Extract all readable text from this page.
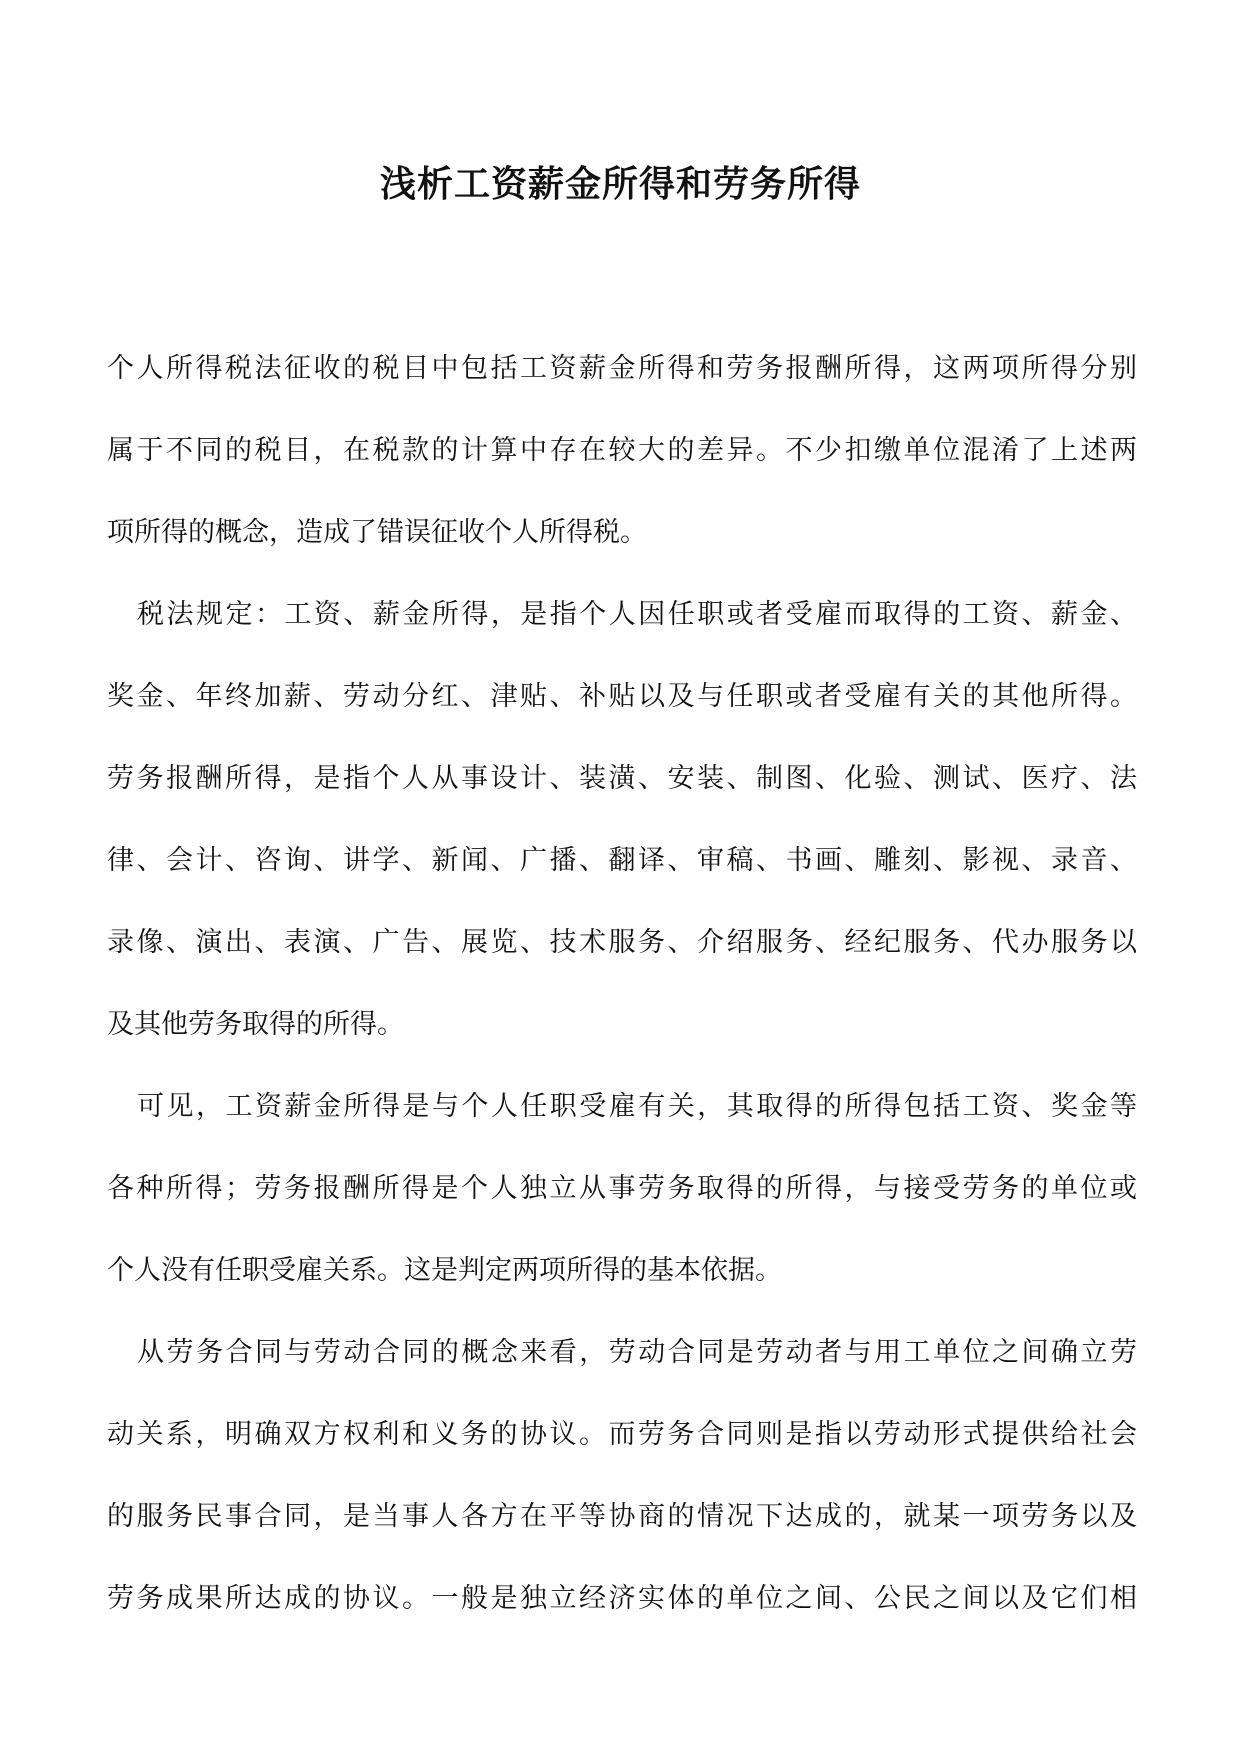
浅析工资薪金所得和劳务所得
个人所得税法征收的税目中包括工资薪金所得和劳务报酬所得，这两项所得分别
属于不同的税目，在税款的计算中存在较大的差异。不少扣缴单位混淆了上述两
项所得的概念，造成了错误征收个人所得税。
税法规定：工资、薪金所得，是指个人因任职或者受雇而取得的工资、薪金、
奖金、年终加薪、劳动分红、津贴、补贴以及与任职或者受雇有关的其他所得。
劳务报酬所得，是指个人从事设计、装潢、安装、制图、化验、测试、医疗、法
律、会计、咨询、讲学、新闻、广播、翻译、审稿、书画、雕刻、影视、录音、
录像、演出、表演、广告、展览、技术服务、介绍服务、经纪服务、代办服务以
及其他劳务取得的所得。
可见，工资薪金所得是与个人任职受雇有关，其取得的所得包括工资、奖金等
各种所得；劳务报酬所得是个人独立从事劳务取得的所得，与接受劳务的单位或
个人没有任职受雇关系。这是判定两项所得的基本依据。
从劳务合同与劳动合同的概念来看，劳动合同是劳动者与用工单位之间确立劳
动关系，明确双方权利和义务的协议。而劳务合同则是指以劳动形式提供给社会
的服务民事合同，是当事人各方在平等协商的情况下达成的，就某一项劳务以及
劳务成果所达成的协议。一般是独立经济实体的单位之间、公民之间以及它们相
